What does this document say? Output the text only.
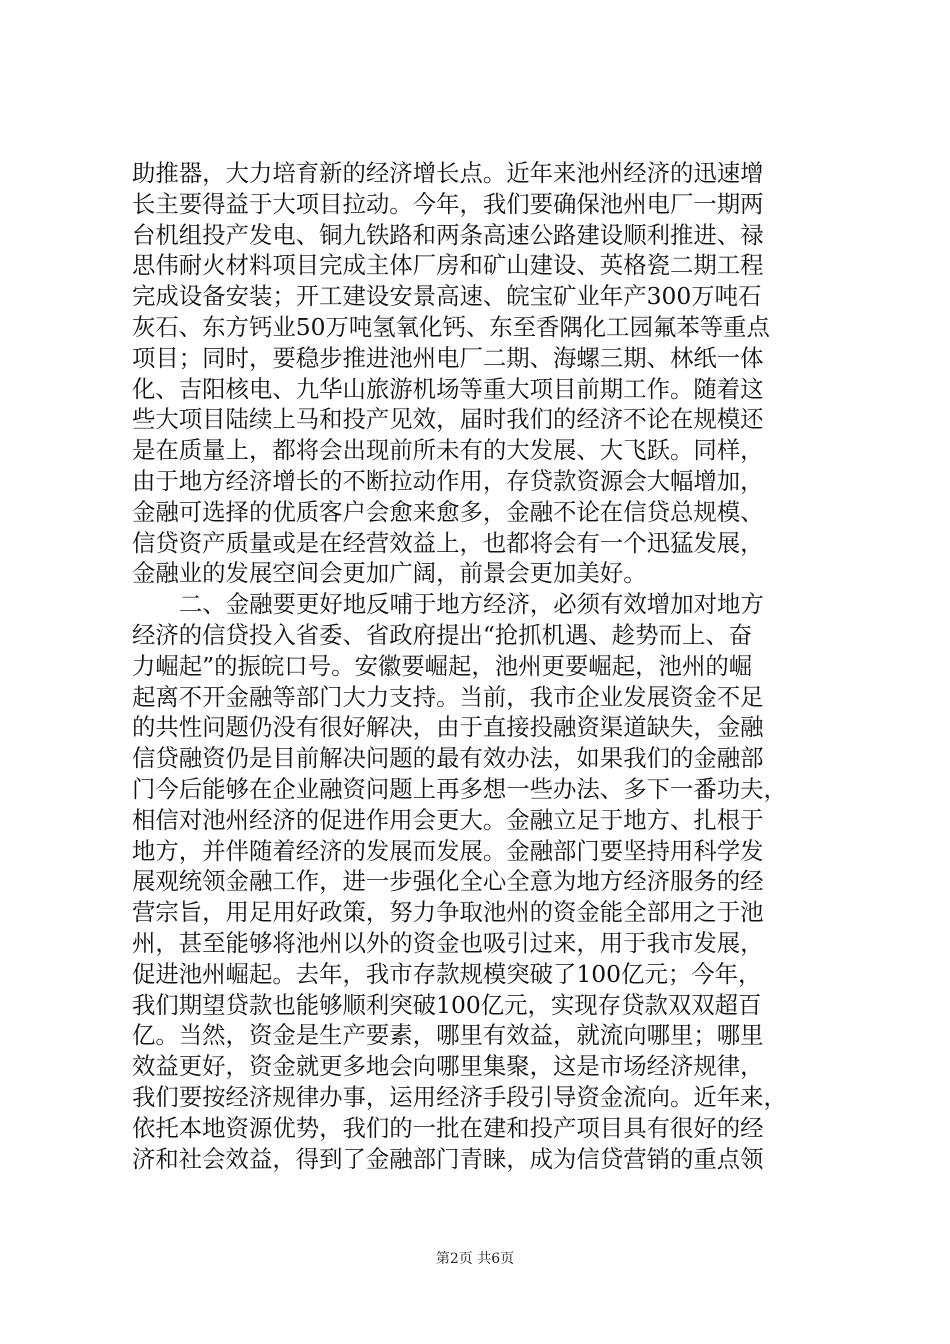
助推器，大力培育新的经济增长点。近年来池州经济的迅速增
长主要得益于大项目拉动。今年，我们要确保池州电厂一期两
台机组投产发电、铜九铁路和两条高速公路建设顺利推进、禄
思伟耐火材料项目完成主体厂房和矿山建设、英格瓷二期工程
完成设备安装；开工建设安景高速、皖宝矿业年产300万吨石
灰石、东方钙业50万吨氢氧化钙、东至香隅化工园氟苯等重点
项目；同时，要稳步推进池州电厂二期、海螺三期、林纸一体
化、吉阳核电、九华山旅游机场等重大项目前期工作。随着这
些大项目陆续上马和投产见效，届时我们的经济不论在规模还
是在质量上，都将会出现前所未有的大发展、大飞跃。同样，
由于地方经济增长的不断拉动作用，存贷款资源会大幅增加，
金融可选择的优质客户会愈来愈多，金融不论在信贷总规模、
信贷资产质量或是在经营效益上，也都将会有一个迅猛发展，
金融业的发展空间会更加广阔，前景会更加美好。
二、金融要更好地反哺于地方经济，必须有效增加对地方
经济的信贷投入省委、省政府提出“抢抓机遇、趁势而上、奋
力崛起”的振皖口号。安徽要崛起，池州更要崛起，池州的崛
起离不开金融等部门大力支持。当前，我市企业发展资金不足
的共性问题仍没有很好解决，由于直接投融资渠道缺失，金融
信贷融资仍是目前解决问题的最有效办法，如果我们的金融部
门今后能够在企业融资问题上再多想一些办法、多下一番功夫，
相信对池州经济的促进作用会更大。金融立足于地方、扎根于
地方，并伴随着经济的发展而发展。金融部门要坚持用科学发
展观统领金融工作，进一步强化全心全意为地方经济服务的经
营宗旨，用足用好政策，努力争取池州的资金能全部用之于池
州，甚至能够将池州以外的资金也吸引过来，用于我市发展，
促进池州崛起。去年，我市存款规模突破了100亿元；今年，
我们期望贷款也能够顺利突破100亿元，实现存贷款双双超百
亿。当然，资金是生产要素，哪里有效益，就流向哪里；哪里
效益更好，资金就更多地会向哪里集聚，这是市场经济规律，
我们要按经济规律办事，运用经济手段引导资金流向。近年来，
依托本地资源优势，我们的一批在建和投产项目具有很好的经
济和社会效益，得到了金融部门青睐，成为信贷营销的重点领
第2页 共6页
